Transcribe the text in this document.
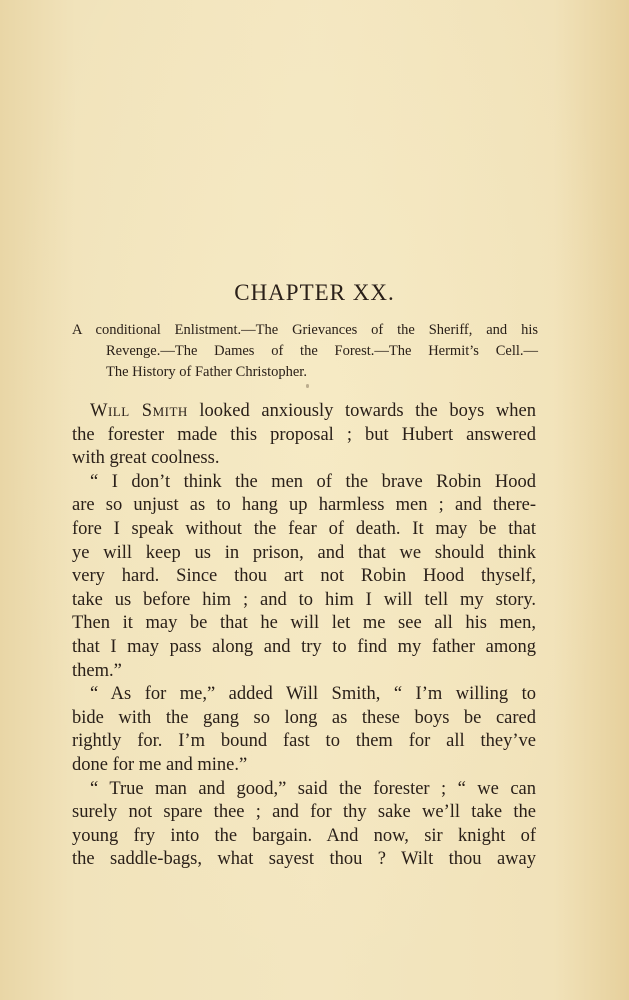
CHAPTER XX.
A conditional Enlistment.—The Grievances of the Sheriff, and his
Revenge.—The Dames of the Forest.—The Hermit’s Cell.—
The History of Father Christopher.
Will Smith looked anxiously towards the boys when
the forester made this proposal ; but Hubert answered
with great coolness.
“ I don’t think the men of the brave Robin Hood
are so unjust as to hang up harmless men ; and there-
fore I speak without the fear of death. It may be that
ye will keep us in prison, and that we should think
very hard. Since thou art not Robin Hood thyself,
take us before him ; and to him I will tell my story.
Then it may be that he will let me see all his men,
that I may pass along and try to find my father among
them.”
“ As for me,” added Will Smith, “ I’m willing to
bide with the gang so long as these boys be cared
rightly for. I’m bound fast to them for all they’ve
done for me and mine.”
“ True man and good,” said the forester ; “ we can
surely not spare thee ; and for thy sake we’ll take the
young fry into the bargain. And now, sir knight of
the saddle-bags, what sayest thou ? Wilt thou away
